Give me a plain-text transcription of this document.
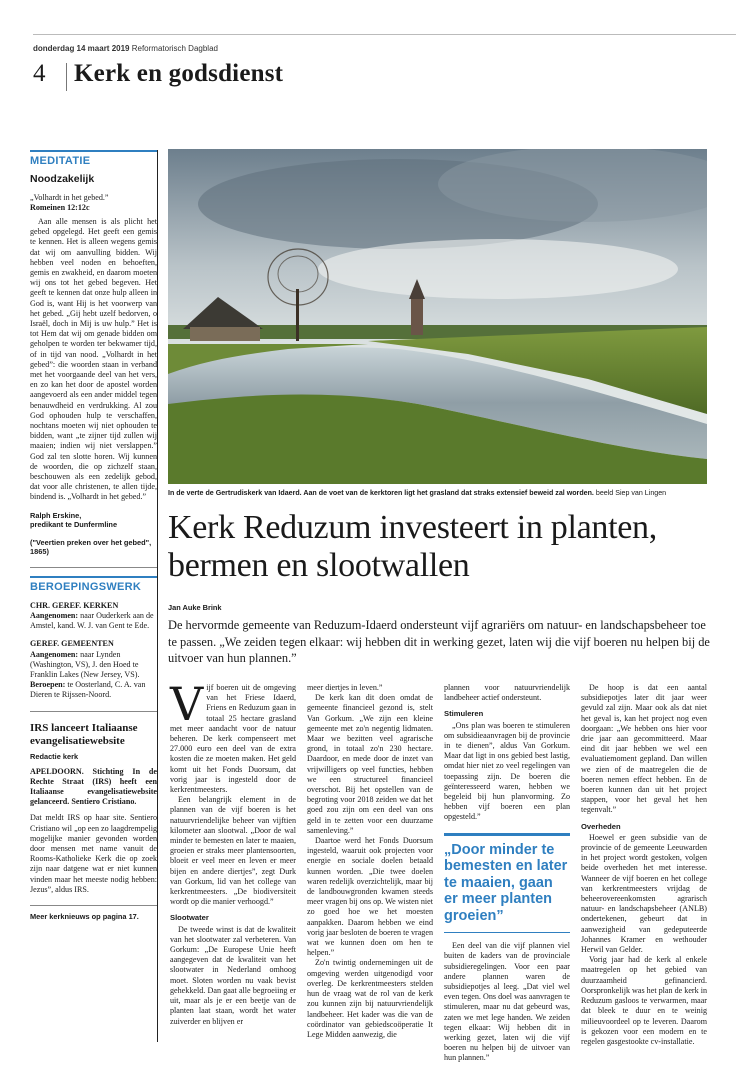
donderdag 14 maart 2019 Reformatorisch Dagblad
4 Kerk en godsdienst
MEDITATIE
Noodzakelijk
„Volhardt in het gebed.”
Romeinen 12:12c

Aan alle mensen is als plicht het gebed opgelegd. Het geeft een gemis te kennen. Het is alleen wegens gemis dat wij om aanvulling bidden. Wij hebben veel noden en behoeften, gemis en zwakheid, en daarom moeten wij ons tot het gebed begeven. Het geeft te kennen dat onze hulp alleen in God is, want Hij is het voorwerp van het gebed. „Gij hebt uzelf bedorven, o Israël, doch in Mij is uw hulp.” Het is tot Hem dat wij om genade bidden om geholpen te worden ter bekwamer tijd, of in tijd van nood. „Volhardt in het gebed”: die woorden staan in verband met het voorgaande deel van het vers, en zo kan het door de apostel worden aangevoerd als een ander middel tegen benauwdheid en verdrukking. Al zou God ophouden hulp te verschaffen, nochtans moeten wij niet ophouden te bidden, want „te zijner tijd zullen wij maaien; indien wij niet verslappen.” God zal ten slotte horen. Wij kunnen de woorden, die op zichzelf staan, beschouwen als een zedelijk gebod, dat voor alle christenen, te allen tijde, bindend is. „Volhardt in het gebed.”

Ralph Erskine,
predikant te Dunfermline
("Veertien preken over het gebed", 1865)
BEROEPINGSWERK
CHR. GEREF. KERKEN
Aangenomen: naar Ouderkerk aan de Amstel, kand. W. J. van Gent te Ede.
GEREF. GEMEENTEN
Aangenomen: naar Lynden (Washington, VS), J. den Hoed te Franklin Lakes (New Jersey, VS).
Beroepen: te Oosterland, C. A. van Dieren te Rijssen-Noord.
IRS lanceert Italiaanse evangelisatiewebsite
Redactie kerk

APELDOORN. Stichting In de Rechte Straat (IRS) heeft een Italiaanse evangelisatiewebsite gelanceerd. Sentiero Cristiano.

Dat meldt IRS op haar site. Sentiero Cristiano wil „op een zo laagdrempelig mogelijke manier gevonden worden door mensen met name vanuit de Rooms-Katholieke Kerk die op zoek zijn naar datgene wat er niet kunnen vinden maar het meeste nodig hebben: Jezus”, aldus IRS.

Meer kerknieuws op pagina 17.
In de verte de Gertrudiskerk van Idaerd. Aan de voet van de kerktoren ligt het grasland dat straks extensief beweid zal worden. beeld Siep van Lingen
Kerk Reduzum investeert in planten, bermen en slootwallen
Jan Auke Brink
De hervormde gemeente van Reduzum-Idaerd ondersteunt vijf agrariërs om natuur- en landschapsbeheer toe te passen. „We zeiden tegen elkaar: wij hebben dit in werking gezet, laten wij die vijf boeren nu helpen bij de uitvoer van hun plannen.”

Vijf boeren uit de omgeving van het Friese Idaerd, Friens en Reduzum gaan in totaal 25 hectare grasland met meer aandacht voor de natuur beheren. De kerk compenseert met 27.000 euro een deel van de extra kosten die ze moeten maken. Het geld komt uit het Fonds Duorsum, dat vorig jaar is ingesteld door de kerkrentmeesters.

Een belangrijk element in de plannen van de vijf boeren is het natuurvriendelijke beheer van vijftien kilometer aan slootwal. „Door de wal minder te bemesten en later te maaien, groeien er straks meer plantensoorten, bloeit er veel meer en leven er meer bijen en andere diertjes”, zegt Durk van Gorkum, lid van het college van kerkrentmeesters. „De biodiversiteit wordt op die manier verhoogd.”

Slootwater

De tweede winst is dat de kwaliteit van het slootwater zal verbeteren. Van Gorkum: „De Europese Unie heeft aangegeven dat de kwaliteit van het slootwater in Nederland omhoog moet. Sloten worden nu vaak bevist gehekkeld. Dan gaat alle begroeiing er uit, maar als je er een beetje van de planten laat staan, wordt het water zuiverder en blijven er

meer diertjes in leven.”

De kerk kan dit doen omdat de gemeente financieel gezond is, stelt Van Gorkum. „We zijn een kleine gemeente met zo'n negentig lidmaten. Maar we bezitten veel agrarische grond, in totaal zo'n 230 hectare. Daardoor, en mede door de inzet van vrijwilligers op veel functies, hebben we een structureel financieel overschot. Bij het opstellen van de begroting voor 2018 zeiden we dat het goed zou zijn om een deel van ons geld in te zetten voor een duurzame samenleving.”

Daartoe werd het Fonds Duorsum ingesteld, waaruit ook projecten voor energie en sociale doelen betaald kunnen worden. „Die twee doelen waren redelijk overzichtelijk, maar bij de landbouwgronden kwamen steeds meer vragen bij ons op. We wisten niet zo goed hoe we het moesten aanpakken. Daarom hebben we eind vorig jaar besloten de boeren te vragen wat we kunnen doen om hen te helpen.”

Zo'n twintig ondernemingen uit de omgeving werden uitgenodigd voor overleg. De kerkrentmeesters stelden hun de vraag wat de rol van de kerk zou kunnen zijn bij natuurvriendelijk landbeheer. Het kader was die van de coördinator van gebiedscoöperatie It Lege Midden aanwezig, die

plannen voor natuurvriendelijk landbeheer actief ondersteunt.

Stimuleren

„Ons plan was boeren te stimuleren om subsidieaanvragen bij de provincie in te dienen”, aldus Van Gorkum. Maar dat ligt in ons gebied best lastig, omdat hier niet zo veel regelingen van toepassing zijn. De boeren die geïnteresseerd waren, hebben we begeleid bij hun planvorming. Zo hebben vijf boeren een plan opgesteld.”

„Door minder te bemesten en later te maaien, gaan er meer planten groeien”

Een deel van die vijf plannen viel buiten de kaders van de provinciale subsidieregelingen. Voor een paar andere plannen waren de subsidiepotjes al leeg. „Dat viel wel even tegen. Ons doel was aanvragen te stimuleren, maar nu dat gebeurd was, zaten we met lege handen. We zeiden tegen elkaar: Wij hebben dit in werking gezet, laten wij die vijf boeren nu helpen bij de uitvoer van hun plannen.”

De hoop is dat een aantal subsidiepotjes later dit jaar weer gevuld zal zijn. Maar ook als dat niet het geval is, kan het project nog even doorgaan: „We hebben ons hier voor drie jaar aan gecommitteerd. Maar eind dit jaar hebben we wel een evaluatiemoment gepland. Dan willen we zien of de maatregelen die de boeren nemen effect hebben. En de boeren kunnen dan uit het project stappen, voor het geval het hen tegenvalt.”

Overheden

Hoewel er geen subsidie van de provincie of de gemeente Leeuwarden in het project wordt gestoken, volgen beide overheden het met interesse. Wanneer de vijf boeren en het college van kerkrentmeesters vrijdag de beheerovereenkomsten agrarisch natuur- en landschapsbeheer (ANLB) ondertekenen, gebeurt dat in aanwezigheid van gedeputeerde Johannes Kramer en wethouder Herwil van Gelder.

Vorig jaar had de kerk al enkele maatregelen op het gebied van duurzaamheid gefinancierd. Oorspronkelijk was het plan de kerk in Reduzum gasloos te verwarmen, maar dat bleek te duur en te weinig milieuvoordeel op te leveren. Daarom is gekozen voor een modern en te regelen gasgestookte cv-installatie.
